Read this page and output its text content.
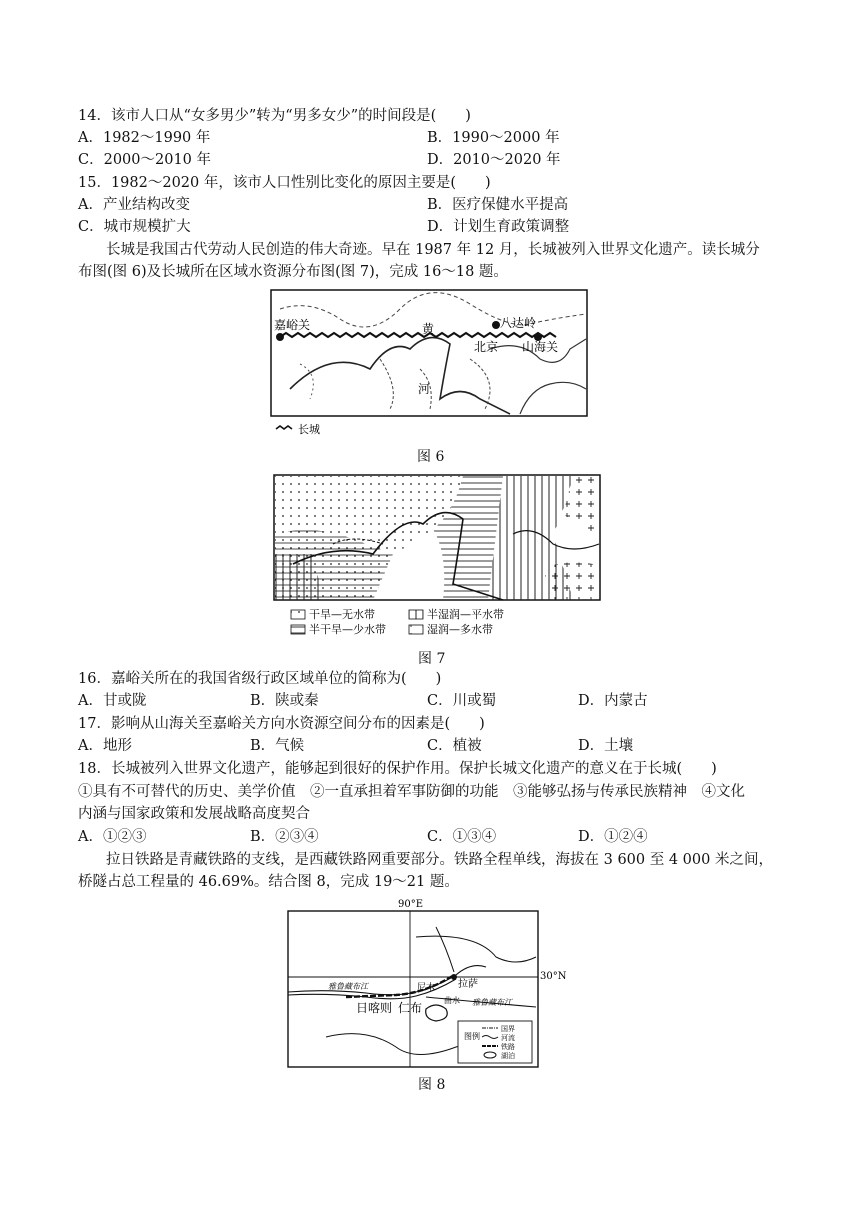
14．该市人口从“女多男少”转为“男多女少”的时间段是(　　)
A．1982～1990 年	B．1990～2000 年
C．2000～2010 年	D．2010～2020 年
15．1982～2020 年，该市人口性别比变化的原因主要是(　　)
A．产业结构改变	B．医疗保健水平提高
C．城市规模扩大	D．计划生育政策调整
长城是我国古代劳动人民创造的伟大奇迹。早在 1987 年 12 月，长城被列入世界文化遗产。读长城分
布图(图 6)及长城所在区域水资源分布图(图 7)，完成 16～18 题。
嘉峪关	八达岭
北京 山海关
黄
河
长城
图 6
干旱—无水带	半湿润—平水带
半干旱—少水带	湿润—多水带
图 7
16．嘉峪关所在的我国省级行政区域单位的简称为(　　)
A．甘或陇	B．陕或秦	C．川或蜀	D．内蒙古
17．影响从山海关至嘉峪关方向水资源空间分布的因素是(　　)
A．地形	B．气候	C．植被	D．土壤
18．长城被列入世界文化遗产，能够起到很好的保护作用。保护长城文化遗产的意义在于长城(　　)
①具有不可替代的历史、美学价值　②一直承担着军事防御的功能　③能够弘扬与传承民族精神　④文化
内涵与国家政策和发展战略高度契合
A．①②③	B．②③④	C．①③④	D．①②④
拉日铁路是青藏铁路的支线，是西藏铁路网重要部分。铁路全程单线，海拔在 3 600 至 4 000 米之间，
桥隧占总工程量的 46.69%。结合图 8，完成 19～21 题。
90°E
30°N
雅鲁藏布江	尼木 拉萨
曲水 雅鲁藏布江
日喀则 仁布
图例
国界
河流
铁路
湖泊
图 8
